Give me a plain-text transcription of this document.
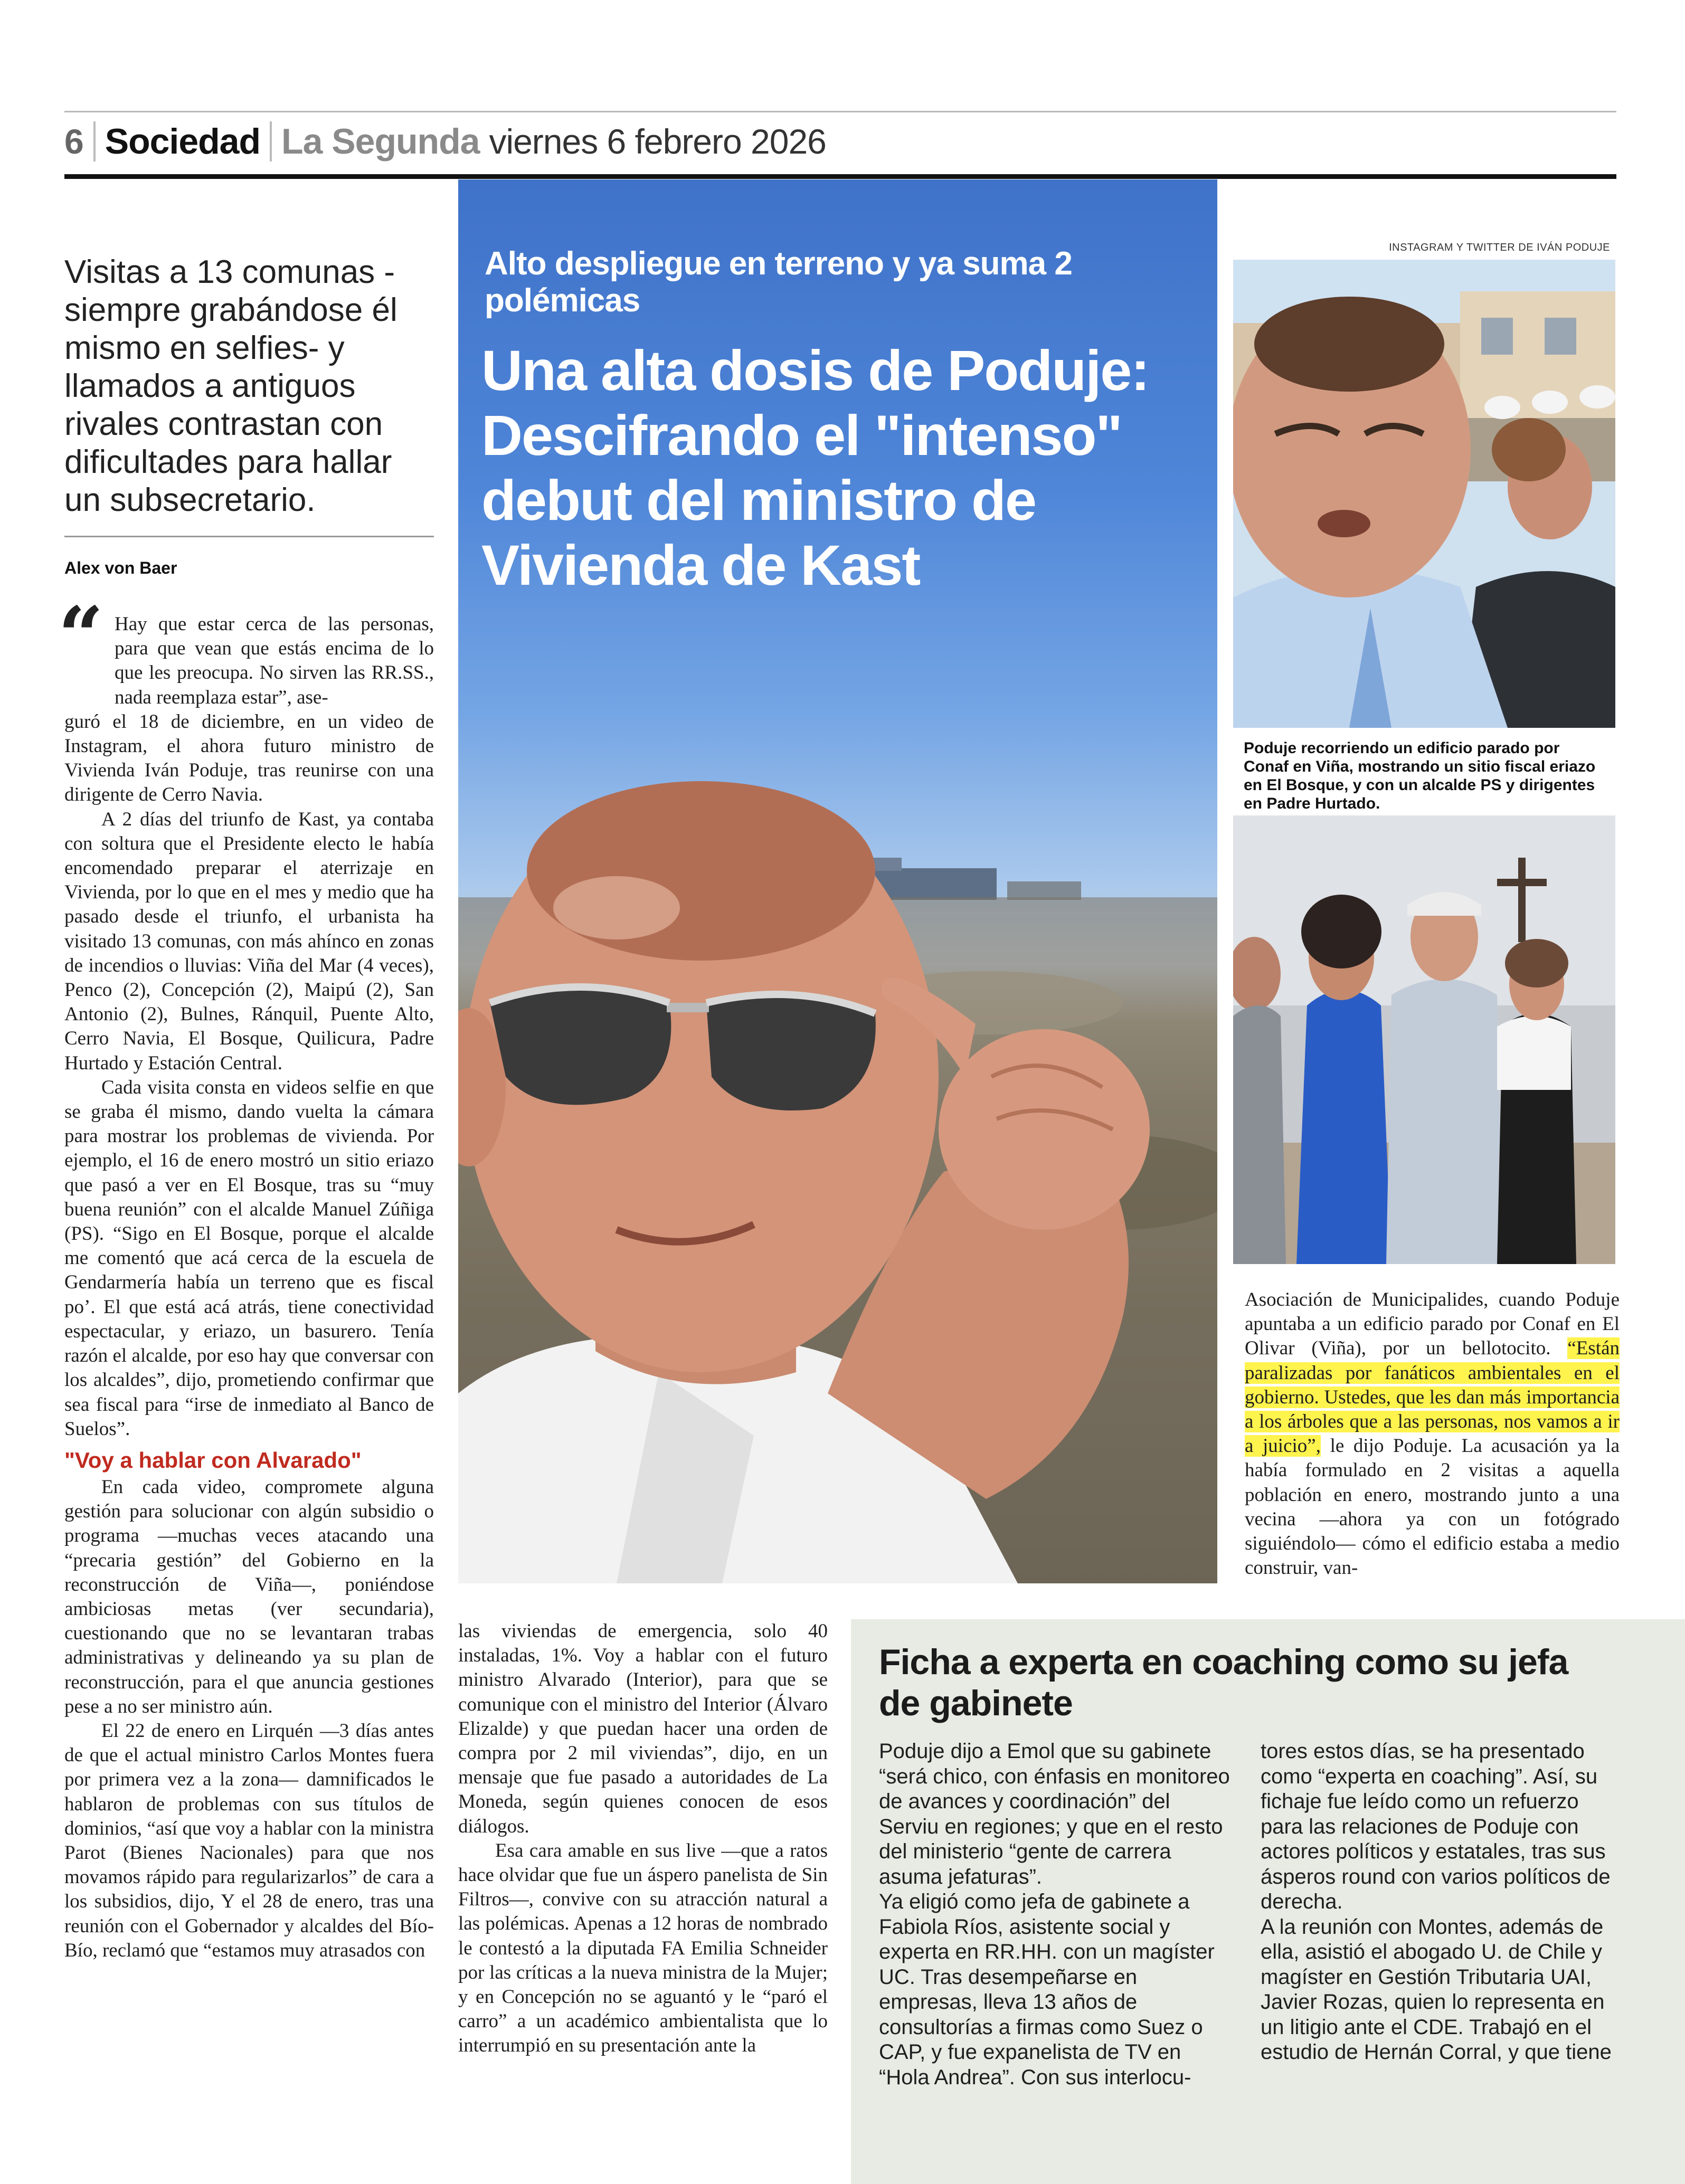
6 Sociedad La Segunda viernes 6 febrero 2026
Visitas a 13 comunas -siempre grabándose él mismo en selfies- y llamados a antiguos rivales contrastan con dificultades para hallar un subsecretario.
Alex von Baer
“ Hay que estar cerca de las personas, para que vean que estás encima de lo que les preocupa. No sirven las RR.SS., nada reemplaza estar”, ase-

guró el 18 de diciembre, en un video de Instagram, el ahora futuro ministro de Vivienda Iván Poduje, tras reunirse con una dirigente de Cerro Navia.

A 2 días del triunfo de Kast, ya contaba con soltura que el Presidente electo le había encomendado preparar el aterrizaje en Vivienda, por lo que en el mes y medio que ha pasado desde el triunfo, el urbanista ha visitado 13 comunas, con más ahínco en zonas de incendios o lluvias: Viña del Mar (4 veces), Penco (2), Concepción (2), Maipú (2), San Antonio (2), Bulnes, Ránquil, Puente Alto, Cerro Navia, El Bosque, Quilicura, Padre Hurtado y Estación Central.

Cada visita consta en videos selfie en que se graba él mismo, dando vuelta la cámara para mostrar los problemas de vivienda. Por ejemplo, el 16 de enero mostró un sitio eriazo que pasó a ver en El Bosque, tras su “muy buena reunión” con el alcalde Manuel Zúñiga (PS). “Sigo en El Bosque, porque el alcalde me comentó que acá cerca de la escuela de Gendarmería había un terreno que es fiscal po’. El que está acá atrás, tiene conectividad espectacular, y eriazo, un basurero. Tenía razón el alcalde, por eso hay que conversar con los alcaldes”, dijo, prometiendo confirmar que sea fiscal para “irse de inmediato al Banco de Suelos”.

"Voy a hablar con Alvarado"

En cada video, compromete alguna gestión para solucionar con algún subsidio o programa —muchas veces atacando una “precaria gestión” del Gobierno en la reconstrucción de Viña—, poniéndose ambiciosas metas (ver secundaria), cuestionando que no se levantaran trabas administrativas y delineando ya su plan de reconstrucción, para el que anuncia gestiones pese a no ser ministro aún.

El 22 de enero en Lirquén —3 días antes de que el actual ministro Carlos Montes fuera por primera vez a la zona— damnificados le hablaron de problemas con sus títulos de dominios, “así que voy a hablar con la ministra Parot (Bienes Nacionales) para que nos movamos rápido para regularizarlos” de cara a los subsidios, dijo, Y el 28 de enero, tras una reunión con el Gobernador y alcaldes del Bío-Bío, reclamó que “estamos muy atrasados con

Alto despliegue en terreno y ya suma 2 polémicas
Una alta dosis de Poduje: Descifrando el "intenso" debut del ministro de Vivienda de Kast
INSTAGRAM Y TWITTER DE IVÁN PODUJE
Poduje recorriendo un edificio parado por Conaf en Viña, mostrando un sitio fiscal eriazo en El Bosque, y con un alcalde PS y dirigentes en Padre Hurtado.

Asociación de Municipalides, cuando Poduje apuntaba a un edificio parado por Conaf en El Olivar (Viña), por un bellotocito. “Están paralizadas por fanáticos ambientales en el gobierno. Ustedes, que les dan más importancia a los árboles que a las personas, nos vamos a ir a juicio”, le dijo Poduje. La acusación ya la había formulado en 2 visitas a aquella población en enero, mostrando junto a una vecina —ahora ya con un fotógrado siguiéndolo— cómo el edificio estaba a medio construir, van-

las viviendas de emergencia, solo 40 instaladas, 1%. Voy a hablar con el futuro ministro Alvarado (Interior), para que se comunique con el ministro del Interior (Álvaro Elizalde) y que puedan hacer una orden de compra por 2 mil viviendas”, dijo, en un mensaje que fue pasado a autoridades de La Moneda, según quienes conocen de esos diálogos.

Esa cara amable en sus live —que a ratos hace olvidar que fue un áspero panelista de Sin Filtros—, convive con su atracción natural a las polémicas. Apenas a 12 horas de nombrado le contestó a la diputada FA Emilia Schneider por las críticas a la nueva ministra de la Mujer; y en Concepción no se aguantó y le “paró el carro” a un académico ambientalista que lo interrumpió en su presentación ante la

Ficha a experta en coaching como su jefa de gabinete

Poduje dijo a Emol que su gabinete “será chico, con énfasis en monitoreo de avances y coordinación” del Serviu en regiones; y que en el resto del ministerio “gente de carrera asuma jefaturas”.

Ya eligió como jefa de gabinete a Fabiola Ríos, asistente social y experta en RR.HH. con un magíster UC. Tras desempeñarse en empresas, lleva 13 años de consultorías a firmas como Suez o CAP, y fue expanelista de TV en “Hola Andrea”. Con sus interlocu-

tores estos días, se ha presentado como “experta en coaching”. Así, su fichaje fue leído como un refuerzo para las relaciones de Poduje con actores políticos y estatales, tras sus ásperos round con varios políticos de derecha.

A la reunión con Montes, además de ella, asistió el abogado U. de Chile y magíster en Gestión Tributaria UAI, Javier Rozas, quien lo representa en un litigio ante el CDE. Trabajó en el estudio de Hernán Corral, y que tiene
